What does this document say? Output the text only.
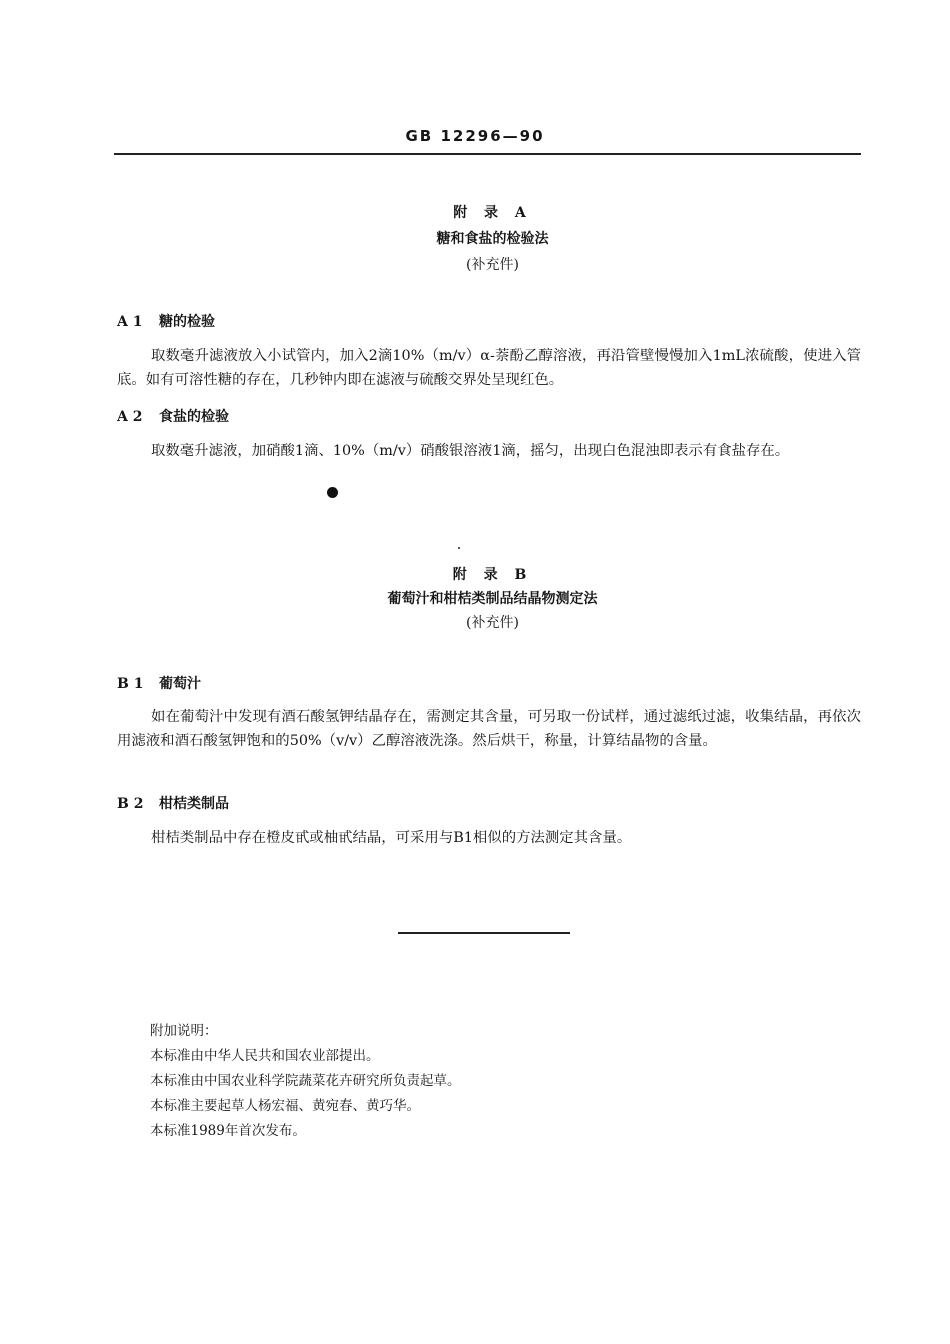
GB 12296—90
附 录 A
糖和食盐的检验法
(补充件)
A 1 糖的检验
取数毫升滤液放入小试管内，加入2滴10%（m/v）α-萘酚乙醇溶液，再沿管壁慢慢加入1mL浓硫酸，使进入管底。如有可溶性糖的存在，几秒钟内即在滤液与硫酸交界处呈现红色。
A 2 食盐的检验
取数毫升滤液，加硝酸1滴、10%（m/v）硝酸银溶液1滴，摇匀，出现白色混浊即表示有食盐存在。
附 录 B
葡萄汁和柑桔类制品结晶物测定法
(补充件)
B 1 葡萄汁
如在葡萄汁中发现有酒石酸氢钾结晶存在，需测定其含量，可另取一份试样，通过滤纸过滤，收集结晶，再依次用滤液和酒石酸氢钾饱和的50%（v/v）乙醇溶液洗涤。然后烘干，称量，计算结晶物的含量。
B 2 柑桔类制品
柑桔类制品中存在橙皮甙或柚甙结晶，可采用与B1相似的方法测定其含量。
附加说明：
本标准由中华人民共和国农业部提出。
本标准由中国农业科学院蔬菜花卉研究所负责起草。
本标准主要起草人杨宏福、黄宛春、黄巧华。
本标准1989年首次发布。
